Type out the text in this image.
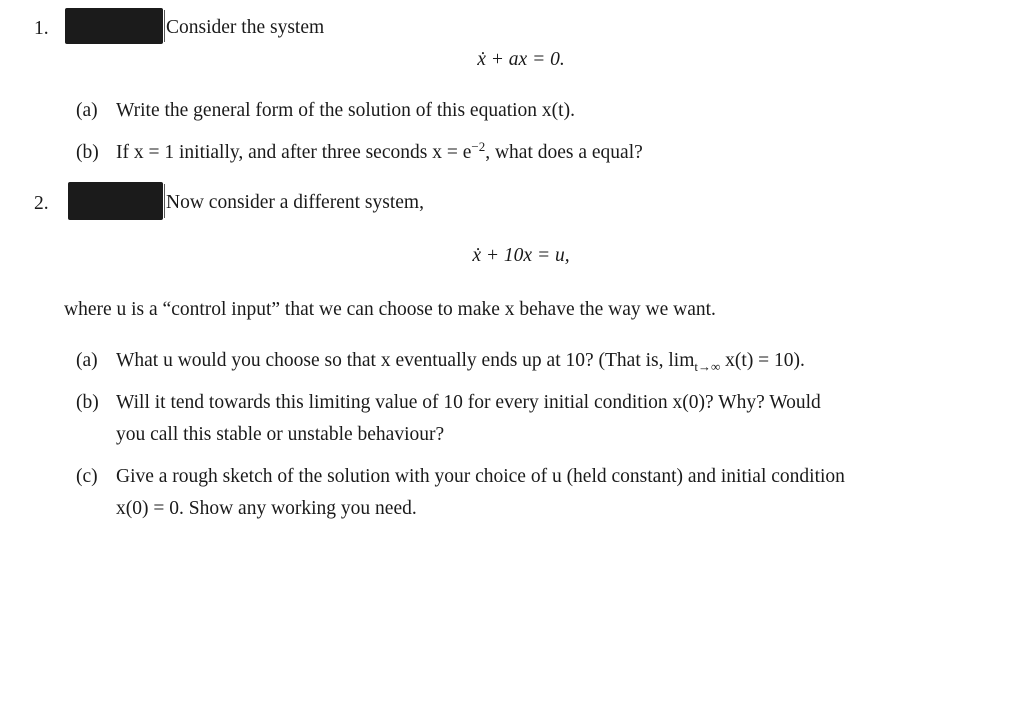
1.	Consider the system
ẋ + ax = 0.
(a) Write the general form of the solution of this equation x(t).
(b) If x = 1 initially, and after three seconds $x = e^{-2}$, what does a equal?
2.	Now consider a different system,
ẋ + 10x = u,
where u is a “control input” that we can choose to make x behave the way we want.
(a) What u would you choose so that x eventually ends up at 10? (That is, $\lim_{t\to\infty} x(t) = 10$).
(b) Will it tend towards this limiting value of 10 for every initial condition x(0)? Why? Would
you call this stable or unstable behaviour?
(c) Give a rough sketch of the solution with your choice of u (held constant) and initial condition
x(0) = 0. Show any working you need.
